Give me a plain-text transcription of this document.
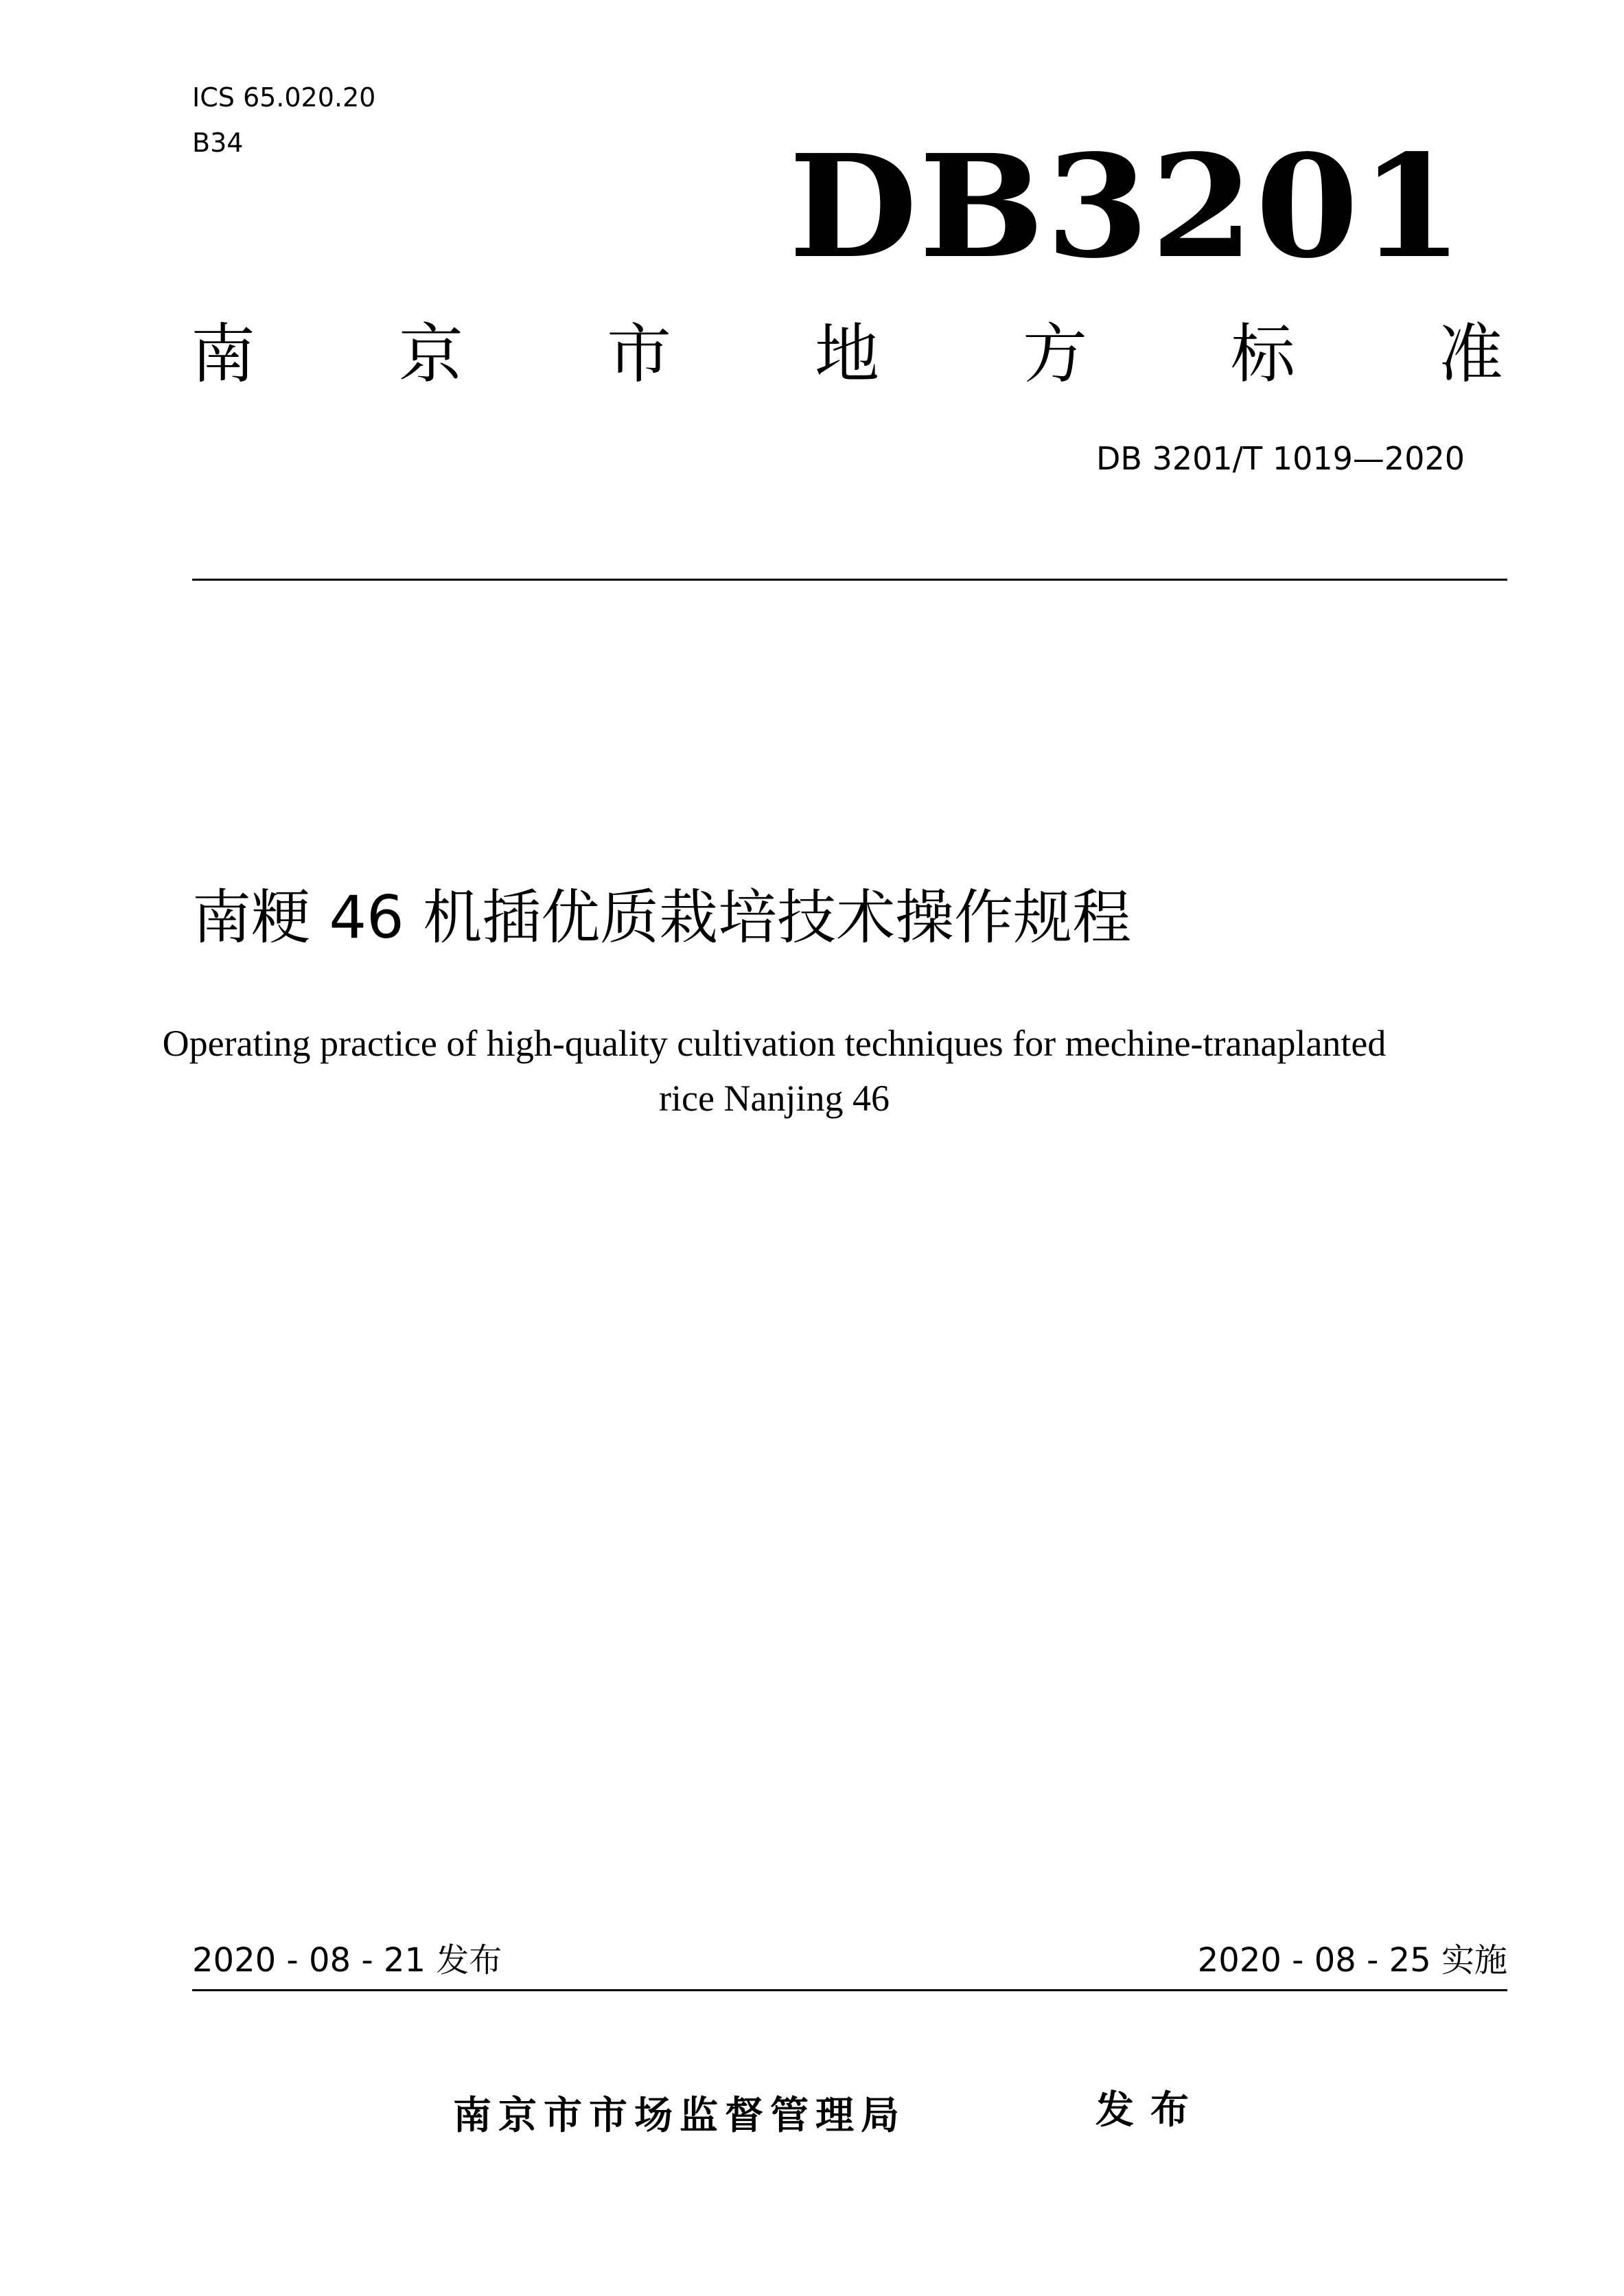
ICS 65.020.20
B34	DB3201
南 京 市 地 方 标 准
DB 3201/T 1019—2020
南粳 46 机插优质栽培技术操作规程
Operating practice of high-quality cultivation techniques for mechine-tranaplanted
rice Nanjing 46
2020 - 08 - 21 发布	2020 - 08 - 25 实施
南京市市场监督管理局	发布
